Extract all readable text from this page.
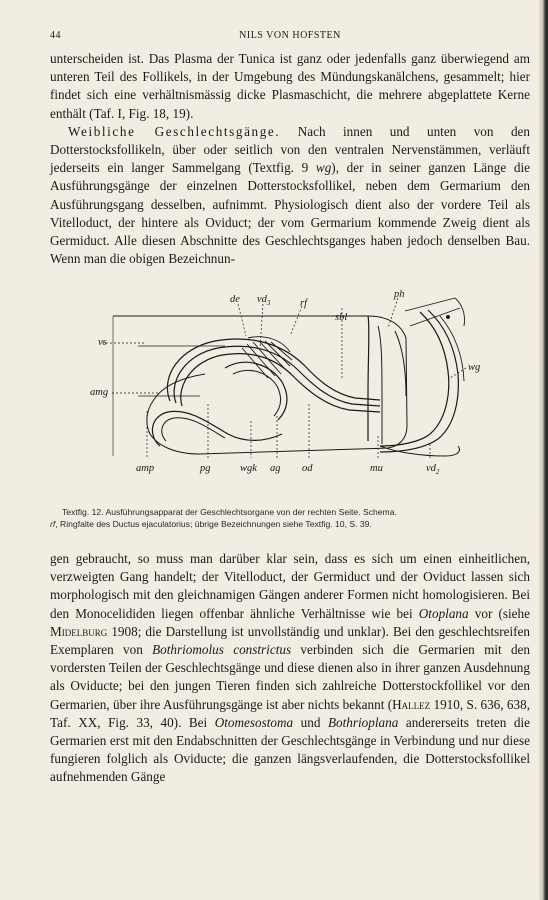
44	NILS VON HOFSTEN

unterscheiden ist. Das Plasma der Tunica ist ganz oder jedenfalls ganz überwiegend am unteren Teil des Follikels, in der Umgebung des Mündungskanälchens, gesammelt; hier findet sich eine verhältnismässig dicke Plasmaschicht, die mehrere abgeplattete Kerne enthält (Taf. I, Fig. 18, 19).

Weibliche Geschlechtsgänge. Nach innen und unten von den Dotterstocksfollikeln, über oder seitlich von den ventralen Nervenstämmen, verläuft jederseits ein langer Sammelgang (Textfig. 9 wg), der in seiner ganzen Länge die Ausführungsgänge der einzelnen Dotterstocksfollikel, neben dem Germarium den Ausführungsgang desselben, aufnimmt. Physiologisch dient also der vordere Teil als Vitelloduct, der hintere als Oviduct; der vom Germarium kommende Zweig dient als Germiduct. Alle diesen Abschnitte des Geschlechtsganges haben jedoch denselben Bau. Wenn man die obigen Bezeichnun-

de $vd_3$	rf
sbl
ph
vs
amg
wg
amp	pg	wgk ag od	mu	$vd_2$
Textfig. 12. Ausführungsapparat der Geschlechtsorgane von der rechten Seite. Schema.
rf, Ringfalte des Ductus ejaculatorius; übrige Bezeichnungen siehe Textfig. 10, S. 39.

gen gebraucht, so muss man darüber klar sein, dass es sich um einen einheitlichen, verzweigten Gang handelt; der Vitelloduct, der Germiduct und der Oviduct lassen sich morphologisch mit den gleichnamigen Gängen anderer Formen nicht homologisieren. Bei den Monocelididen liegen offenbar ähnliche Verhältnisse wie bei Otoplana vor (siehe Midelburg 1908; die Darstellung ist unvollständig und unklar). Bei den geschlechtsreifen Exemplaren von Bothriomolus constrictus verbinden sich die Germarien mit den vordersten Teilen der Geschlechtsgänge und diese dienen also in ihrer ganzen Ausdehnung als Oviducte; bei den jungen Tieren finden sich zahlreiche Dotterstockfollikel vor den Germarien, über ihre Ausführungsgänge ist aber nichts bekannt (Hallez 1910, S. 636, 638, Taf. XX, Fig. 33, 40). Bei Otomesostoma und Bothrioplana andererseits treten die Germarien erst mit den Endabschnitten der Geschlechtsgänge in Verbindung und nur diese fungieren folglich als Oviducte; die ganzen längsverlaufenden, die Dotterstocksfollikel aufnehmenden Gänge
